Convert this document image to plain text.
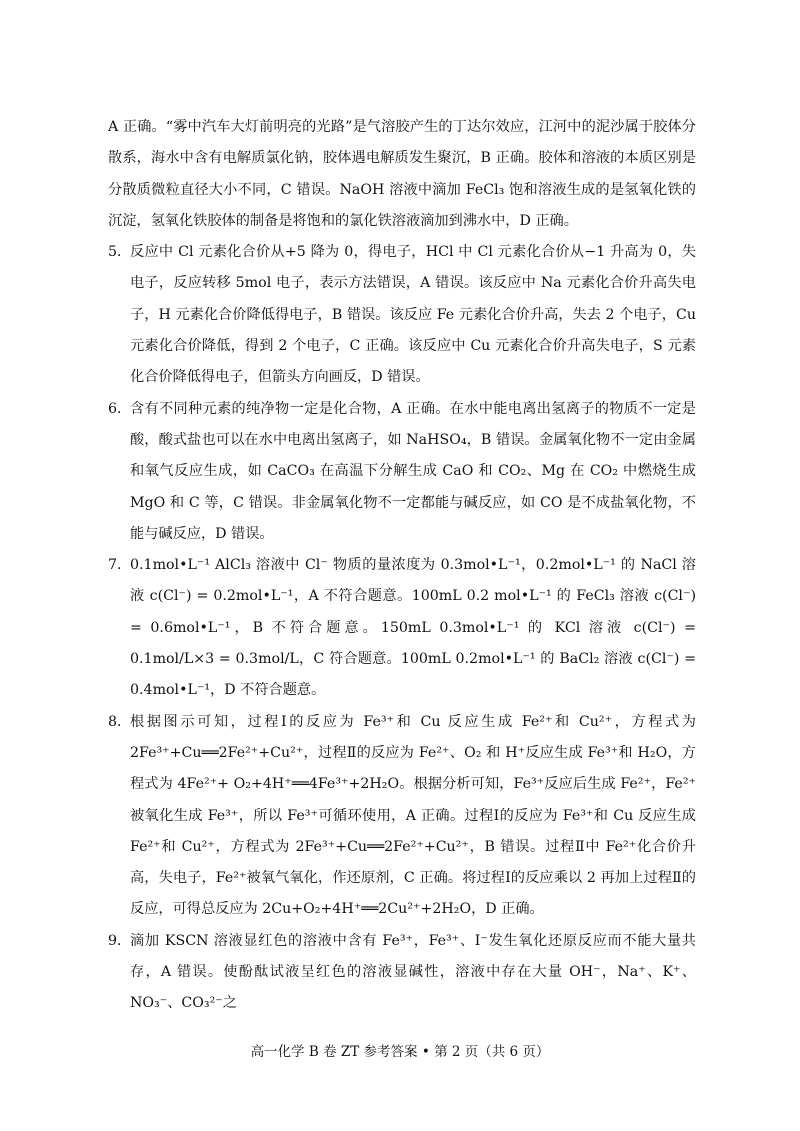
A 正确。“雾中汽车大灯前明亮的光路”是气溶胶产生的丁达尔效应，江河中的泥沙属于胶体分散系，海水中含有电解质氯化钠，胶体遇电解质发生聚沉，B 正确。胶体和溶液的本质区别是分散质微粒直径大小不同，C 错误。NaOH 溶液中滴加 FeCl₃ 饱和溶液生成的是氢氧化铁的沉淀，氢氧化铁胶体的制备是将饱和的氯化铁溶液滴加到沸水中，D 正确。

5．
反应中 Cl 元素化合价从+5 降为 0，得电子，HCl 中 Cl 元素化合价从−1 升高为 0，失电子，反应转移 5mol 电子，表示方法错误，A 错误。该反应中 Na 元素化合价升高失电子，H 元素化合价降低得电子，B 错误。该反应 Fe 元素化合价升高，失去 2 个电子，Cu 元素化合价降低，得到 2 个电子，C 正确。该反应中 Cu 元素化合价升高失电子，S 元素化合价降低得电子，但箭头方向画反，D 错误。
6．
含有不同种元素的纯净物一定是化合物，A 正确。在水中能电离出氢离子的物质不一定是酸，酸式盐也可以在水中电离出氢离子，如 NaHSO₄，B 错误。金属氧化物不一定由金属和氧气反应生成，如 CaCO₃ 在高温下分解生成 CaO 和 CO₂、Mg 在 CO₂ 中燃烧生成 MgO 和 C 等，C 错误。非金属氧化物不一定都能与碱反应，如 CO 是不成盐氧化物，不能与碱反应，D 错误。
7．
0.1mol•L⁻¹ AlCl₃ 溶液中 Cl⁻ 物质的量浓度为 0.3mol•L⁻¹，0.2mol•L⁻¹ 的 NaCl 溶液 c(Cl⁻) = 0.2mol•L⁻¹，A 不符合题意。100mL 0.2 mol•L⁻¹ 的 FeCl₃ 溶液 c(Cl⁻) = 0.6mol•L⁻¹，B 不符合题意。150mL 0.3mol•L⁻¹ 的 KCl 溶液 c(Cl⁻) = 0.1mol/L×3 = 0.3mol/L，C 符合题意。100mL 0.2mol•L⁻¹ 的 BaCl₂ 溶液 c(Cl⁻) = 0.4mol•L⁻¹，D 不符合题意。
8．
根据图示可知，过程Ⅰ的反应为 Fe³⁺和 Cu 反应生成 Fe²⁺和 Cu²⁺，方程式为 2Fe³⁺+Cu══2Fe²⁺+Cu²⁺，过程Ⅱ的反应为 Fe²⁺、O₂ 和 H⁺反应生成 Fe³⁺和 H₂O，方程式为 4Fe²⁺+ O₂+4H⁺══4Fe³⁺+2H₂O。根据分析可知，Fe³⁺反应后生成 Fe²⁺，Fe²⁺被氧化生成 Fe³⁺，所以 Fe³⁺可循环使用，A 正确。过程Ⅰ的反应为 Fe³⁺和 Cu 反应生成 Fe²⁺和 Cu²⁺，方程式为 2Fe³⁺+Cu══2Fe²⁺+Cu²⁺，B 错误。过程Ⅱ中 Fe²⁺化合价升高，失电子，Fe²⁺被氧气氧化，作还原剂，C 正确。将过程Ⅰ的反应乘以 2 再加上过程Ⅱ的反应，可得总反应为 2Cu+O₂+4H⁺══2Cu²⁺+2H₂O，D 正确。
9．
滴加 KSCN 溶液显红色的溶液中含有 Fe³⁺，Fe³⁺、I⁻发生氧化还原反应而不能大量共存，A 错误。使酚酞试液呈红色的溶液显碱性，溶液中存在大量 OH⁻，Na⁺、K⁺、NO₃⁻、CO₃²⁻之
高一化学 B 卷 ZT 参考答案 • 第 2 页（共 6 页）
